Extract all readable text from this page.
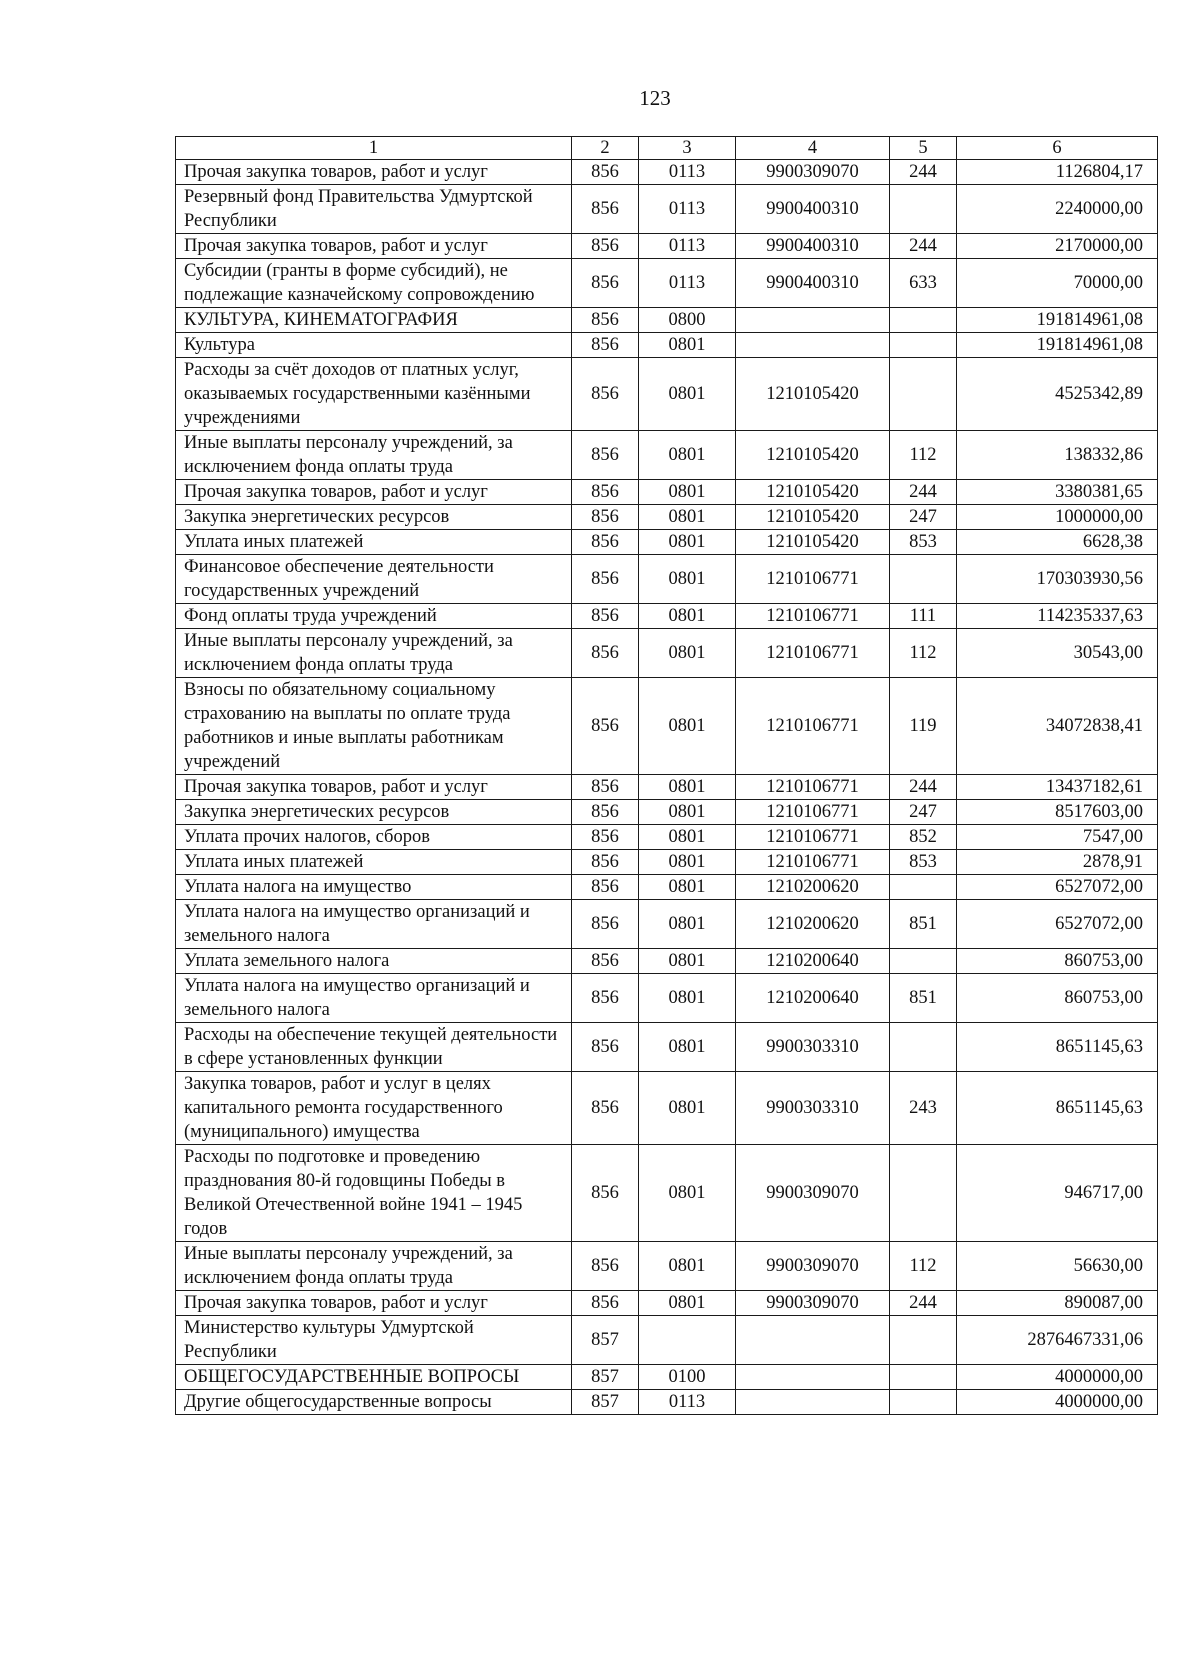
123
1	2	3	4	5	6
Прочая закупка товаров, работ и услуг	856	0113	9900309070	244	1126804,17
Резервный фонд Правительства Удмуртской Республики	856	0113	9900400310		2240000,00
Прочая закупка товаров, работ и услуг	856	0113	9900400310	244	2170000,00
Субсидии (гранты в форме субсидий), не подлежащие казначейскому сопровождению	856	0113	9900400310	633	70000,00
КУЛЬТУРА, КИНЕМАТОГРАФИЯ	856	0800			191814961,08
Культура	856	0801			191814961,08
Расходы за счёт доходов от платных услуг, оказываемых государственными казёнными учреждениями	856	0801	1210105420		4525342,89
Иные выплаты персоналу учреждений, за исключением фонда оплаты труда	856	0801	1210105420	112	138332,86
Прочая закупка товаров, работ и услуг	856	0801	1210105420	244	3380381,65
Закупка энергетических ресурсов	856	0801	1210105420	247	1000000,00
Уплата иных платежей	856	0801	1210105420	853	6628,38
Финансовое обеспечение деятельности государственных учреждений	856	0801	1210106771		170303930,56
Фонд оплаты труда учреждений	856	0801	1210106771	111	114235337,63
Иные выплаты персоналу учреждений, за исключением фонда оплаты труда	856	0801	1210106771	112	30543,00
Взносы по обязательному социальному страхованию на выплаты по оплате труда работников и иные выплаты работникам учреждений	856	0801	1210106771	119	34072838,41
Прочая закупка товаров, работ и услуг	856	0801	1210106771	244	13437182,61
Закупка энергетических ресурсов	856	0801	1210106771	247	8517603,00
Уплата прочих налогов, сборов	856	0801	1210106771	852	7547,00
Уплата иных платежей	856	0801	1210106771	853	2878,91
Уплата налога на имущество	856	0801	1210200620		6527072,00
Уплата налога на имущество организаций и земельного налога	856	0801	1210200620	851	6527072,00
Уплата земельного налога	856	0801	1210200640		860753,00
Уплата налога на имущество организаций и земельного налога	856	0801	1210200640	851	860753,00
Расходы на обеспечение текущей деятельности в сфере установленных функции	856	0801	9900303310		8651145,63
Закупка товаров, работ и услуг в целях капитального ремонта государственного (муниципального) имущества	856	0801	9900303310	243	8651145,63
Расходы по подготовке и проведению празднования 80-й годовщины Победы в Великой Отечественной войне 1941 – 1945 годов	856	0801	9900309070		946717,00
Иные выплаты персоналу учреждений, за исключением фонда оплаты труда	856	0801	9900309070	112	56630,00
Прочая закупка товаров, работ и услуг	856	0801	9900309070	244	890087,00
Министерство культуры Удмуртской Республики	857				2876467331,06
ОБЩЕГОСУДАРСТВЕННЫЕ ВОПРОСЫ	857	0100			4000000,00
Другие общегосударственные вопросы	857	0113			4000000,00
